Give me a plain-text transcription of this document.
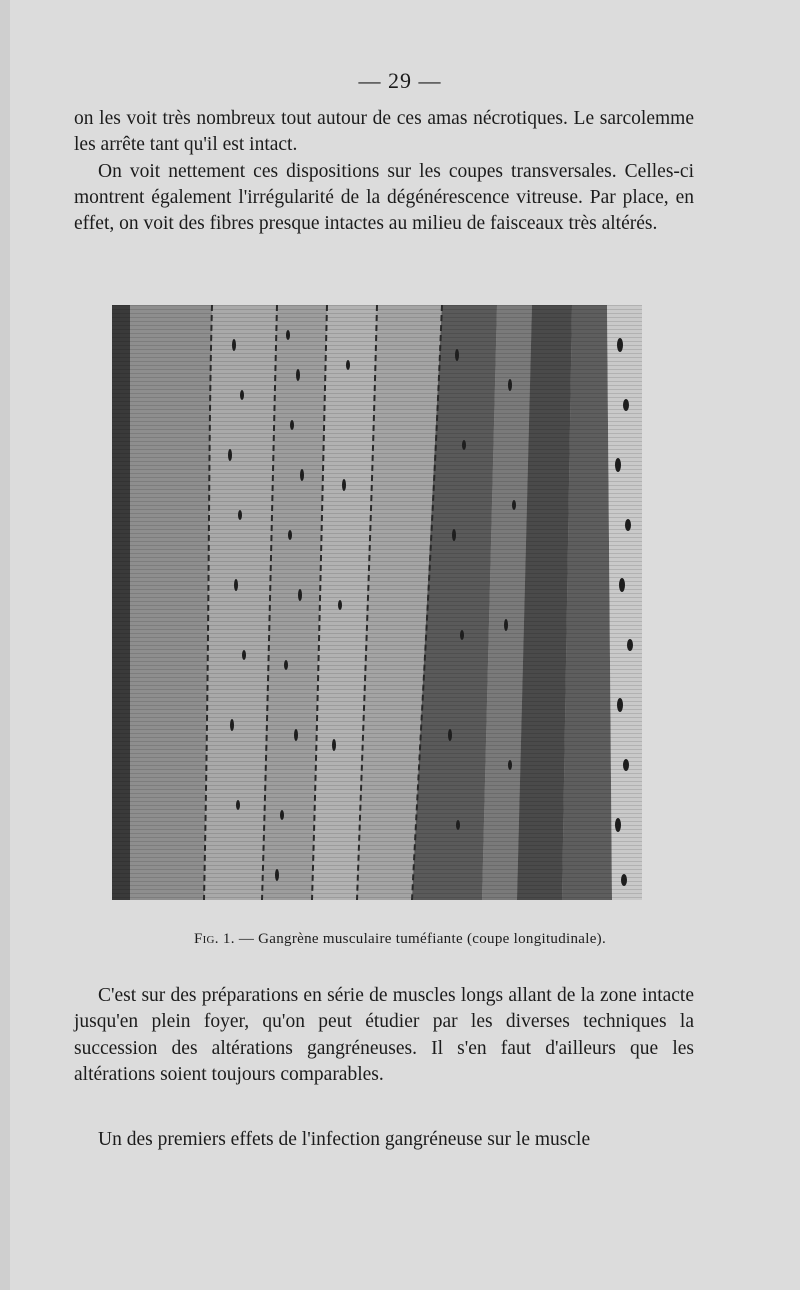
— 29 —

on les voit très nombreux tout autour de ces amas nécrotiques. Le sarcolemme les arrête tant qu'il est intact.

On voit nettement ces dispositions sur les coupes transversales. Celles-ci montrent également l'irrégularité de la dégénérescence vitreuse. Par place, en effet, on voit des fibres presque intactes au milieu de faisceaux très altérés.

Fig. 1. — Gangrène musculaire tuméfiante (coupe longitudinale).

C'est sur des préparations en série de muscles longs allant de la zone intacte jusqu'en plein foyer, qu'on peut étudier par les diverses techniques la succession des altérations gangréneuses. Il s'en faut d'ailleurs que les altérations soient toujours comparables.

Un des premiers effets de l'infection gangréneuse sur le muscle
